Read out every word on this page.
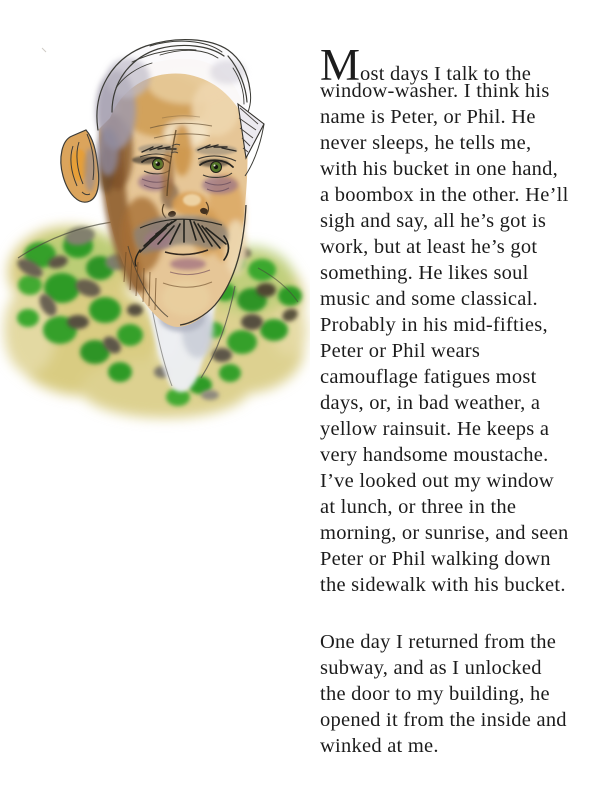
Most days I talk to the
window-washer. I think his
name is Peter, or Phil. He
never sleeps, he tells me,
with his bucket in one hand,
a boombox in the other. He’ll
sigh and say, all he’s got is
work, but at least he’s got
something. He likes soul
music and some classical.
Probably in his mid-fifties,
Peter or Phil wears
camouflage fatigues most
days, or, in bad weather, a
yellow rainsuit. He keeps a
very handsome moustache.
I’ve looked out my window
at lunch, or three in the
morning, or sunrise, and seen
Peter or Phil walking down
the sidewalk with his bucket.
One day I returned from the
subway, and as I unlocked
the door to my building, he
opened it from the inside and
winked at me.
